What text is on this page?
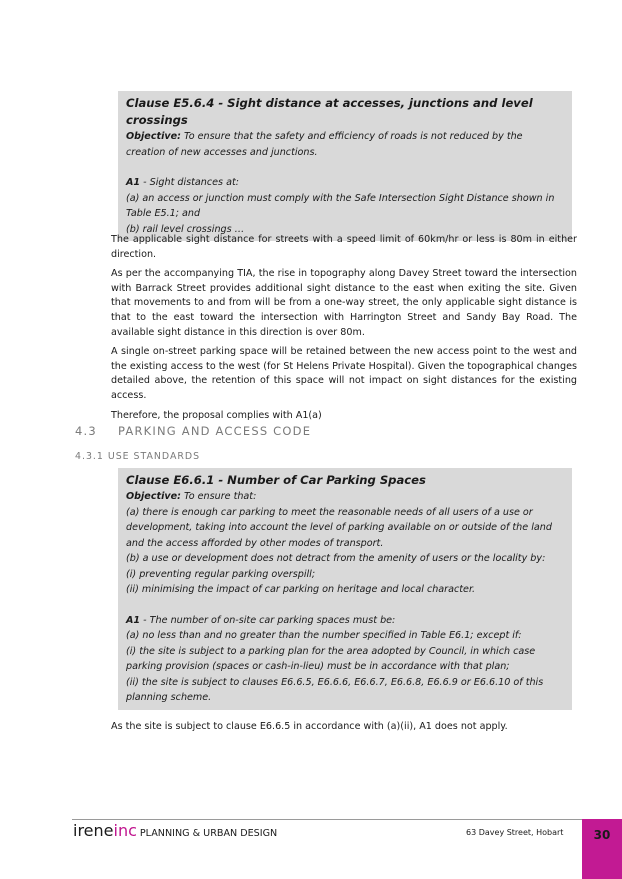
Clause E5.6.4 - Sight distance at accesses, junctions and level crossings

Objective: To ensure that the safety and efficiency of roads is not reduced by the creation of new accesses and junctions.

A1 - Sight distances at:

(a) an access or junction must comply with the Safe Intersection Sight Distance shown in Table E5.1; and

(b) rail level crossings …

The applicable sight distance for streets with a speed limit of 60km/hr or less is 80m in either direction.

As per the accompanying TIA, the rise in topography along Davey Street toward the intersection with Barrack Street provides additional sight distance to the east when exiting the site. Given that movements to and from will be from a one-way street, the only applicable sight distance is that to the east toward the intersection with Harrington Street and Sandy Bay Road. The available sight distance in this direction is over 80m.

A single on-street parking space will be retained between the new access point to the west and the existing access to the west (for St Helens Private Hospital). Given the topographical changes detailed above, the retention of this space will not impact on sight distances for the existing access.

Therefore, the proposal complies with A1(a)

4.3 PARKING AND ACCESS CODE
4.3.1 USE STANDARDS

Clause E6.6.1 - Number of Car Parking Spaces

Objective: To ensure that:

(a) there is enough car parking to meet the reasonable needs of all users of a use or development, taking into account the level of parking available on or outside of the land and the access afforded by other modes of transport.

(b) a use or development does not detract from the amenity of users or the locality by:

(i) preventing regular parking overspill;

(ii) minimising the impact of car parking on heritage and local character.

A1 - The number of on-site car parking spaces must be:

(a) no less than and no greater than the number specified in Table E6.1; except if:

(i) the site is subject to a parking plan for the area adopted by Council, in which case parking provision (spaces or cash-in-lieu) must be in accordance with that plan;

(ii) the site is subject to clauses E6.6.5, E6.6.6, E6.6.7, E6.6.8, E6.6.9 or E6.6.10 of this planning scheme.

As the site is subject to clause E6.6.5 in accordance with (a)(ii), A1 does not apply.

ireneinc PLANNING & URBAN DESIGN	63 Davey Street, Hobart	30
